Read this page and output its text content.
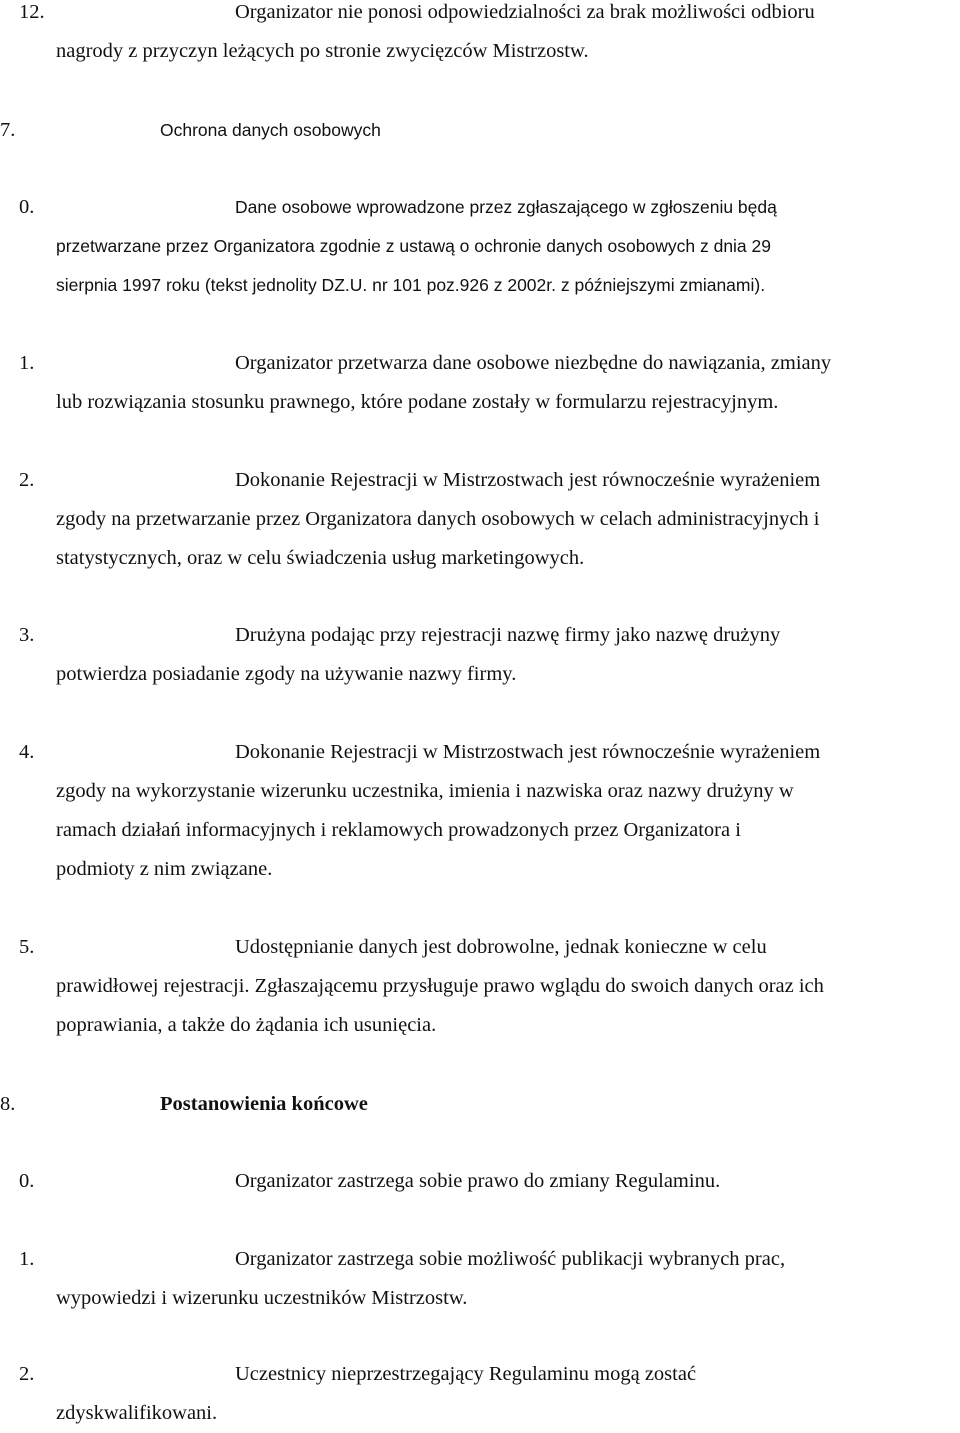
12.	Organizator nie ponosi odpowiedzialności za brak możliwości odbioru
nagrody z przyczyn leżących po stronie zwycięzców Mistrzostw.
7.	Ochrona danych osobowych
0.	Dane osobowe wprowadzone przez zgłaszającego w zgłoszeniu będą
przetwarzane przez Organizatora zgodnie z ustawą o ochronie danych osobowych z dnia 29
sierpnia 1997 roku (tekst jednolity DZ.U. nr 101 poz.926 z 2002r. z późniejszymi zmianami).
1.	Organizator przetwarza dane osobowe niezbędne do nawiązania, zmiany
lub rozwiązania stosunku prawnego, które podane zostały w formularzu rejestracyjnym.
2.	Dokonanie Rejestracji w Mistrzostwach jest równocześnie wyrażeniem
zgody na przetwarzanie przez Organizatora danych osobowych w celach administracyjnych i
statystycznych, oraz w celu świadczenia usług marketingowych.
3.	Drużyna podając przy rejestracji nazwę firmy jako nazwę drużyny
potwierdza posiadanie zgody na używanie nazwy firmy.
4.	Dokonanie Rejestracji w Mistrzostwach jest równocześnie wyrażeniem
zgody na wykorzystanie wizerunku uczestnika, imienia i nazwiska oraz nazwy drużyny w
ramach działań informacyjnych i reklamowych prowadzonych przez Organizatora i
podmioty z nim związane.
5.	Udostępnianie danych jest dobrowolne, jednak konieczne w celu
prawidłowej rejestracji. Zgłaszającemu przysługuje prawo wglądu do swoich danych oraz ich
poprawiania, a także do żądania ich usunięcia.
8.	Postanowienia końcowe
0.	Organizator zastrzega sobie prawo do zmiany Regulaminu.
1.	Organizator zastrzega sobie możliwość publikacji wybranych prac,
wypowiedzi i wizerunku uczestników Mistrzostw.
2.	Uczestnicy nieprzestrzegający Regulaminu mogą zostać
zdyskwalifikowani.
